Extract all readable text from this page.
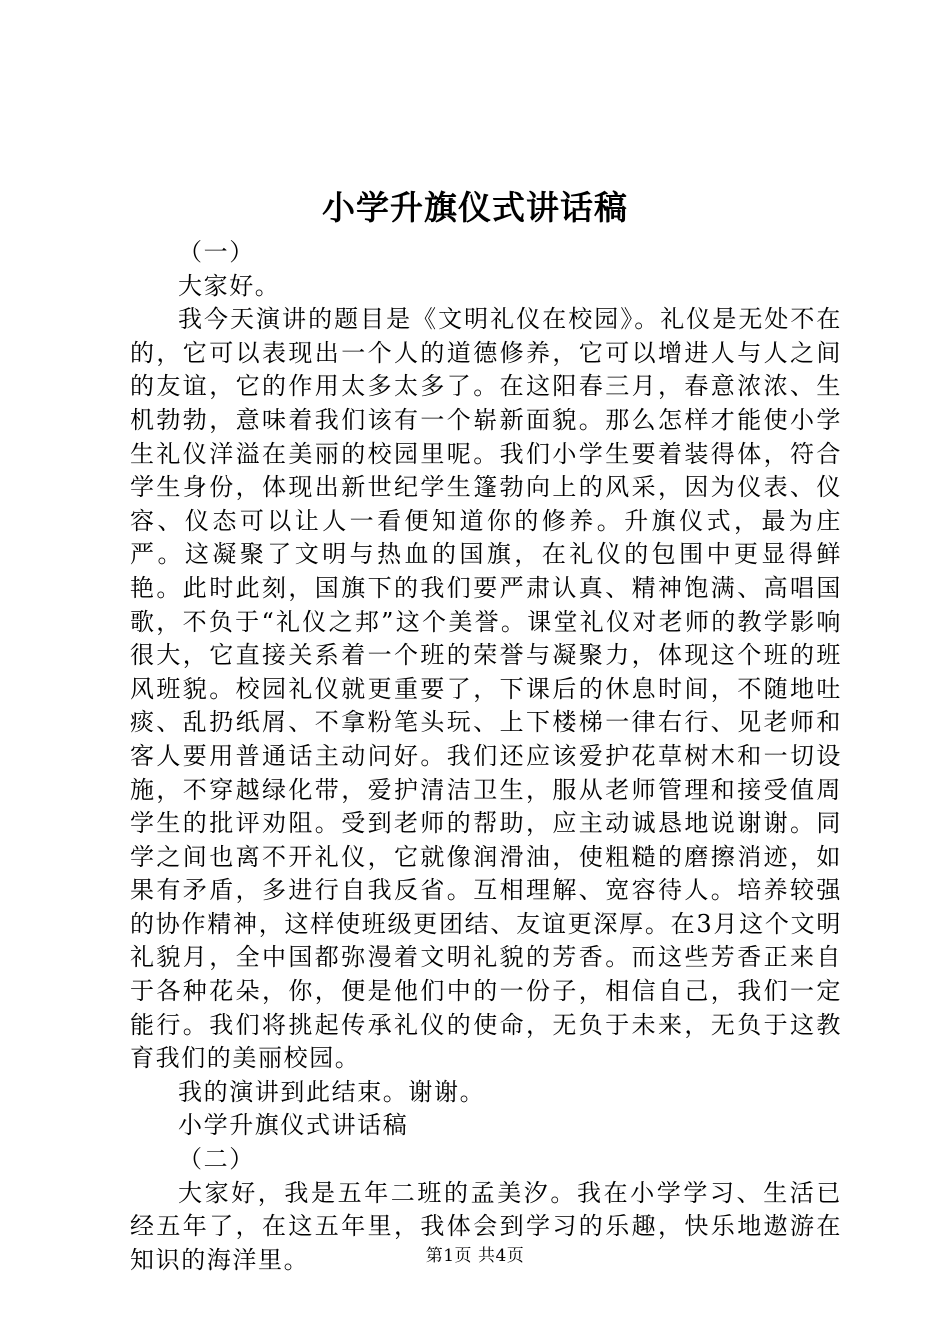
小学升旗仪式讲话稿

（一）

大家好。

我今天演讲的题目是《文明礼仪在校园》。礼仪是无处不在的，它可以表现出一个人的道德修养，它可以增进人与人之间的友谊，它的作用太多太多了。在这阳春三月，春意浓浓、生机勃勃，意味着我们该有一个崭新面貌。那么怎样才能使小学生礼仪洋溢在美丽的校园里呢。我们小学生要着装得体，符合学生身份，体现出新世纪学生篷勃向上的风采，因为仪表、仪容、仪态可以让人一看便知道你的修养。升旗仪式，最为庄严。这凝聚了文明与热血的国旗，在礼仪的包围中更显得鲜艳。此时此刻，国旗下的我们要严肃认真、精神饱满、高唱国歌，不负于“礼仪之邦”这个美誉。课堂礼仪对老师的教学影响很大，它直接关系着一个班的荣誉与凝聚力，体现这个班的班风班貌。校园礼仪就更重要了，下课后的休息时间，不随地吐痰、乱扔纸屑、不拿粉笔头玩、上下楼梯一律右行、见老师和客人要用普通话主动问好。我们还应该爱护花草树木和一切设施，不穿越绿化带，爱护清洁卫生，服从老师管理和接受值周学生的批评劝阻。受到老师的帮助，应主动诚恳地说谢谢。同学之间也离不开礼仪，它就像润滑油，使粗糙的磨擦消迹，如果有矛盾，多进行自我反省。互相理解、宽容待人。培养较强的协作精神，这样使班级更团结、友谊更深厚。在3月这个文明礼貌月，全中国都弥漫着文明礼貌的芳香。而这些芳香正来自于各种花朵，你，便是他们中的一份子，相信自己，我们一定能行。我们将挑起传承礼仪的使命，无负于未来，无负于这教育我们的美丽校园。

我的演讲到此结束。谢谢。

小学升旗仪式讲话稿

（二）

大家好，我是五年二班的孟美汐。我在小学学习、生活已经五年了，在这五年里，我体会到学习的乐趣，快乐地遨游在知识的海洋里。	第1页 共4页
